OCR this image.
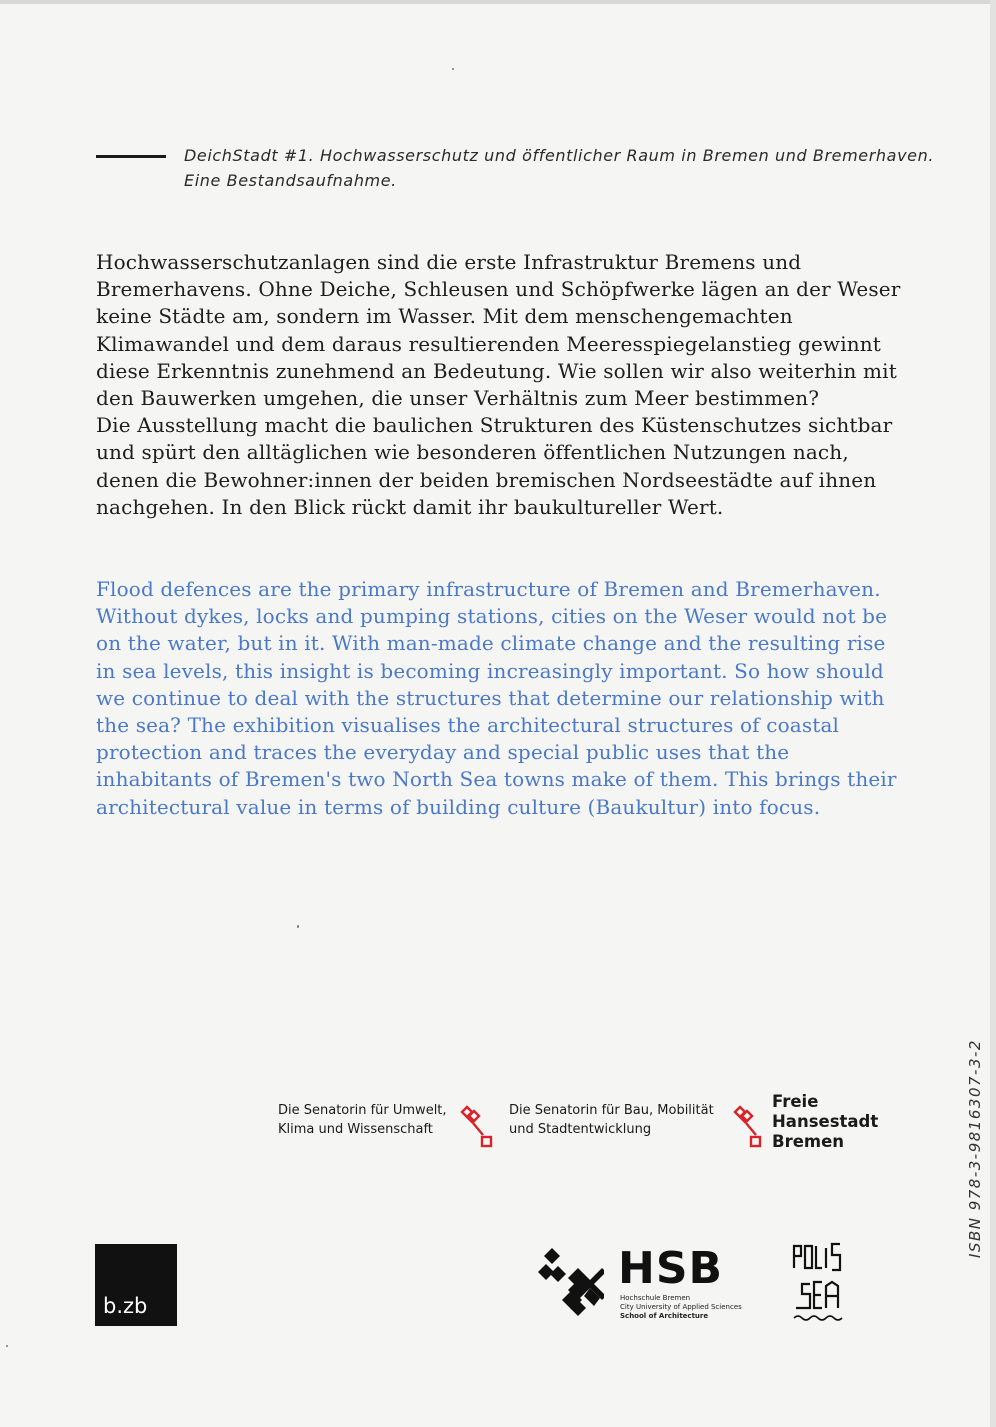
DeichStadt #1. Hochwasserschutz und öffentlicher Raum in Bremen und Bremerhaven.
Eine Bestandsaufnahme.
Hochwasserschutzanlagen sind die erste Infrastruktur Bremens und
Bremerhavens. Ohne Deiche, Schleusen und Schöpfwerke lägen an der Weser
keine Städte am, sondern im Wasser. Mit dem menschengemachten
Klimawandel und dem daraus resultierenden Meeresspiegelanstieg gewinnt
diese Erkenntnis zunehmend an Bedeutung. Wie sollen wir also weiterhin mit
den Bauwerken umgehen, die unser Verhältnis zum Meer bestimmen?
Die Ausstellung macht die baulichen Strukturen des Küstenschutzes sichtbar
und spürt den alltäglichen wie besonderen öffentlichen Nutzungen nach,
denen die Bewohner:innen der beiden bremischen Nordseestädte auf ihnen
nachgehen. In den Blick rückt damit ihr baukultureller Wert.
Flood defences are the primary infrastructure of Bremen and Bremerhaven.
Without dykes, locks and pumping stations, cities on the Weser would not be
on the water, but in it. With man-made climate change and the resulting rise
in sea levels, this insight is becoming increasingly important. So how should
we continue to deal with the structures that determine our relationship with
the sea? The exhibition visualises the architectural structures of coastal
protection and traces the everyday and special public uses that the
inhabitants of Bremen's two North Sea towns make of them. This brings their
architectural value in terms of building culture (Baukultur) into focus.
Die Senatorin für Umwelt,
Klima und Wissenschaft
Die Senatorin für Bau, Mobilität
und Stadtentwicklung
Freie
Hansestadt
Bremen	ISBN 978-3-9816307-3-2
b.zb
HSB
Hochschule Bremen
City University of Applied Sciences
School of Architecture
